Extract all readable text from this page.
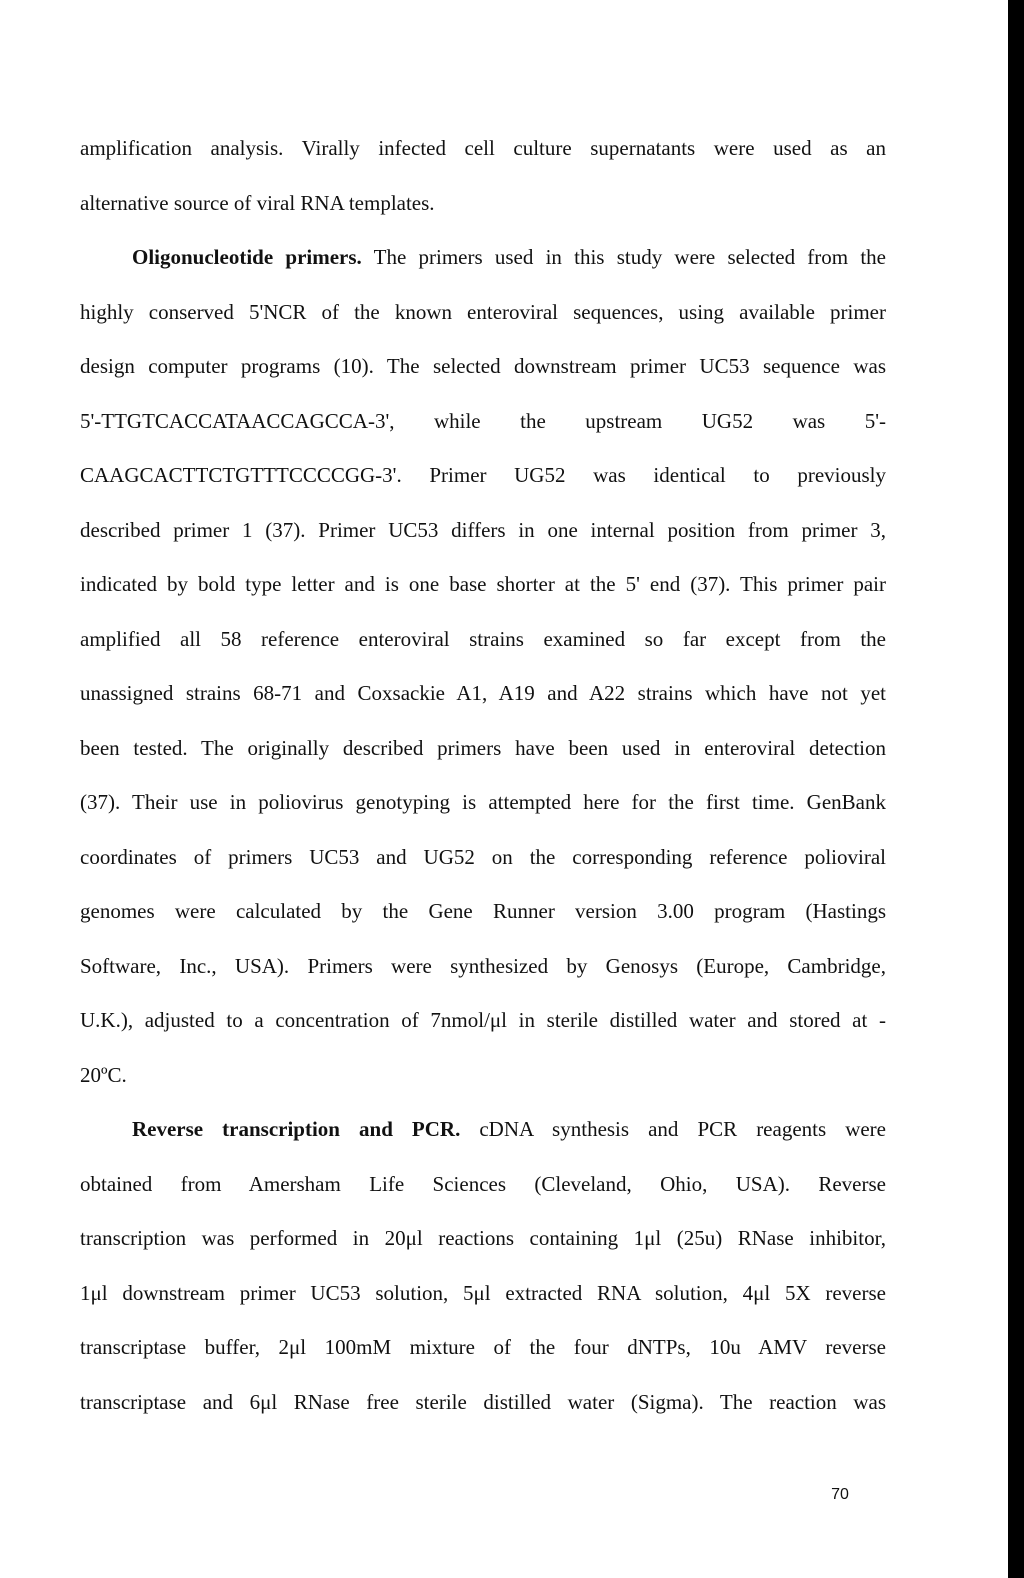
amplification analysis. Virally infected cell culture supernatants were used as an
alternative source of viral RNA templates.
Oligonucleotide primers. The primers used in this study were selected from the
highly conserved 5'NCR of the known enteroviral sequences, using available primer
design computer programs (10). The selected downstream primer UC53 sequence was
5'-TTGTCACCATAACCAGCCA-3', while the upstream UG52 was 5'-
CAAGCACTTCTGTTTCCCCGG-3'. Primer UG52 was identical to previously
described primer 1 (37). Primer UC53 differs in one internal position from primer 3,
indicated by bold type letter and is one base shorter at the 5' end (37). This primer pair
amplified all 58 reference enteroviral strains examined so far except from the
unassigned strains 68-71 and Coxsackie A1, A19 and A22 strains which have not yet
been tested. The originally described primers have been used in enteroviral detection
(37). Their use in poliovirus genotyping is attempted here for the first time. GenBank
coordinates of primers UC53 and UG52 on the corresponding reference polioviral
genomes were calculated by the Gene Runner version 3.00 program (Hastings
Software, Inc., USA). Primers were synthesized by Genosys (Europe, Cambridge,
U.K.), adjusted to a concentration of 7nmol/μl in sterile distilled water and stored at -
20ºC.
Reverse transcription and PCR. cDNA synthesis and PCR reagents were
obtained from Amersham Life Sciences (Cleveland, Ohio, USA). Reverse
transcription was performed in 20μl reactions containing 1μl (25u) RNase inhibitor,
1μl downstream primer UC53 solution, 5μl extracted RNA solution, 4μl 5X reverse
transcriptase buffer, 2μl 100mM mixture of the four dNTPs, 10u AMV reverse
transcriptase and 6μl RNase free sterile distilled water (Sigma). The reaction was
70
